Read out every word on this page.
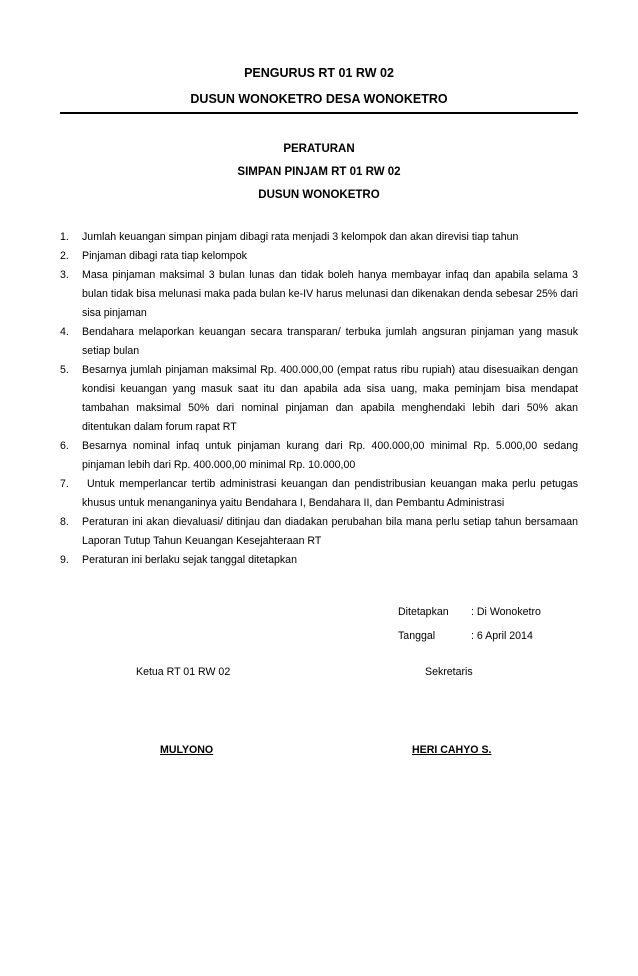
PENGURUS RT 01 RW 02
DUSUN WONOKETRO DESA WONOKETRO
PERATURAN
SIMPAN PINJAM RT 01 RW 02
DUSUN WONOKETRO
1. Jumlah keuangan simpan pinjam dibagi rata menjadi 3 kelompok dan akan direvisi tiap tahun
2. Pinjaman dibagi rata tiap kelompok
3. Masa pinjaman maksimal 3 bulan lunas dan tidak boleh hanya membayar infaq dan apabila selama 3 bulan tidak bisa melunasi maka pada bulan ke-IV harus melunasi dan dikenakan denda sebesar 25% dari sisa pinjaman
4. Bendahara melaporkan keuangan secara transparan/ terbuka jumlah angsuran pinjaman yang masuk setiap bulan
5. Besarnya jumlah pinjaman maksimal Rp. 400.000,00 (empat ratus ribu rupiah) atau disesuaikan dengan kondisi keuangan yang masuk saat itu dan apabila ada sisa uang, maka peminjam bisa mendapat tambahan maksimal 50% dari nominal pinjaman dan apabila menghendaki lebih dari 50% akan ditentukan dalam forum rapat RT
6. Besarnya nominal infaq untuk pinjaman kurang dari Rp. 400.000,00 minimal Rp. 5.000,00 sedang pinjaman lebih dari Rp. 400.000,00 minimal Rp. 10.000,00
7. Untuk memperlancar tertib administrasi keuangan dan pendistribusian keuangan maka perlu petugas khusus untuk menanganinya yaitu Bendahara I, Bendahara II, dan Pembantu Administrasi
8. Peraturan ini akan dievaluasi/ ditinjau dan diadakan perubahan bila mana perlu setiap tahun bersamaan Laporan Tutup Tahun Keuangan Kesejahteraan RT
9. Peraturan ini berlaku sejak tanggal ditetapkan
Ditetapkan	: Di Wonoketro
Tanggal	: 6 April 2014
Ketua RT 01 RW 02	Sekretaris
MULYONO	HERI CAHYO S.
